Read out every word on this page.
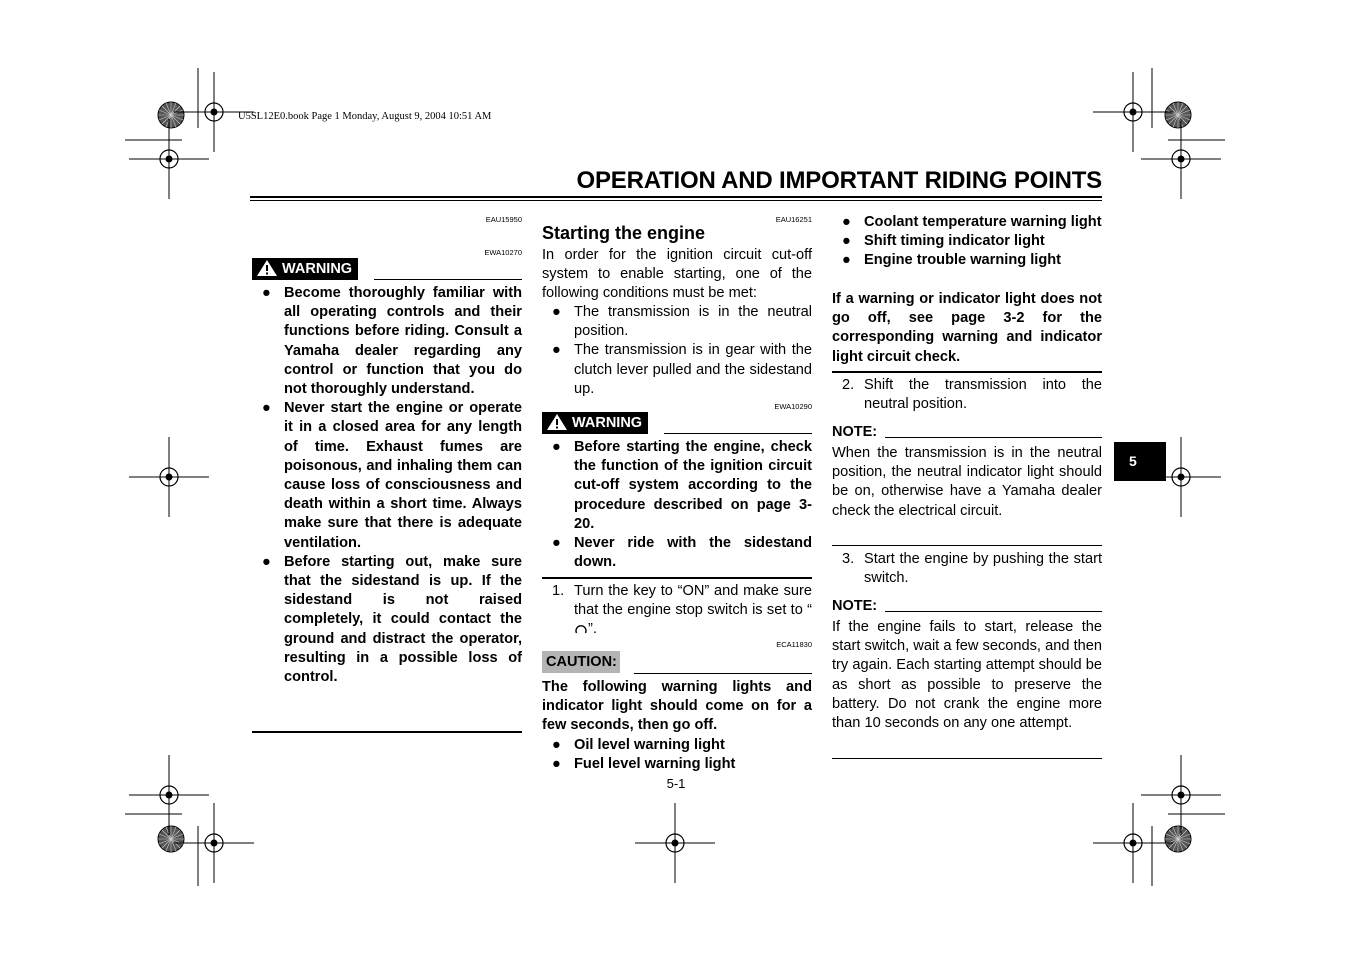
U5SL12E0.book Page 1 Monday, August 9, 2004 10:51 AM
OPERATION AND IMPORTANT RIDING POINTS
EAU15950
EWA10270
WARNING
● Become thoroughly familiar with all operating controls and their functions before riding. Consult a Yamaha dealer regarding any control or function that you do not thoroughly understand.
● Never start the engine or operate it in a closed area for any length of time. Exhaust fumes are poisonous, and inhaling them can cause loss of consciousness and death within a short time. Always make sure that there is adequate ventilation.
● Before starting out, make sure that the sidestand is up. If the sidestand is not raised completely, it could contact the ground and distract the operator, resulting in a possible loss of control.
EAU16251
Starting the engine
In order for the ignition circuit cut-off system to enable starting, one of the following conditions must be met:
● The transmission is in the neutral position.
● The transmission is in gear with the clutch lever pulled and the sidestand up.
EWA10290
WARNING
● Before starting the engine, check the function of the ignition circuit cut-off system according to the procedure described on page 3-20.
● Never ride with the sidestand down.
1. Turn the key to “ON” and make sure that the engine stop switch is set to “”.
ECA11830
CAUTION:
The following warning lights and indicator light should come on for a few seconds, then go off.
● Oil level warning light
● Fuel level warning light
● Coolant temperature warning light
● Shift timing indicator light
● Engine trouble warning light
If a warning or indicator light does not go off, see page 3-2 for the corresponding warning and indicator light circuit check.
2. Shift the transmission into the neutral position.
NOTE:
When the transmission is in the neutral position, the neutral indicator light should be on, otherwise have a Yamaha dealer check the electrical circuit.
3. Start the engine by pushing the start switch.
NOTE:
If the engine fails to start, release the start switch, wait a few seconds, and then try again. Each starting attempt should be as short as possible to preserve the battery. Do not crank the engine more than 10 seconds on any one attempt.
5
5-1
